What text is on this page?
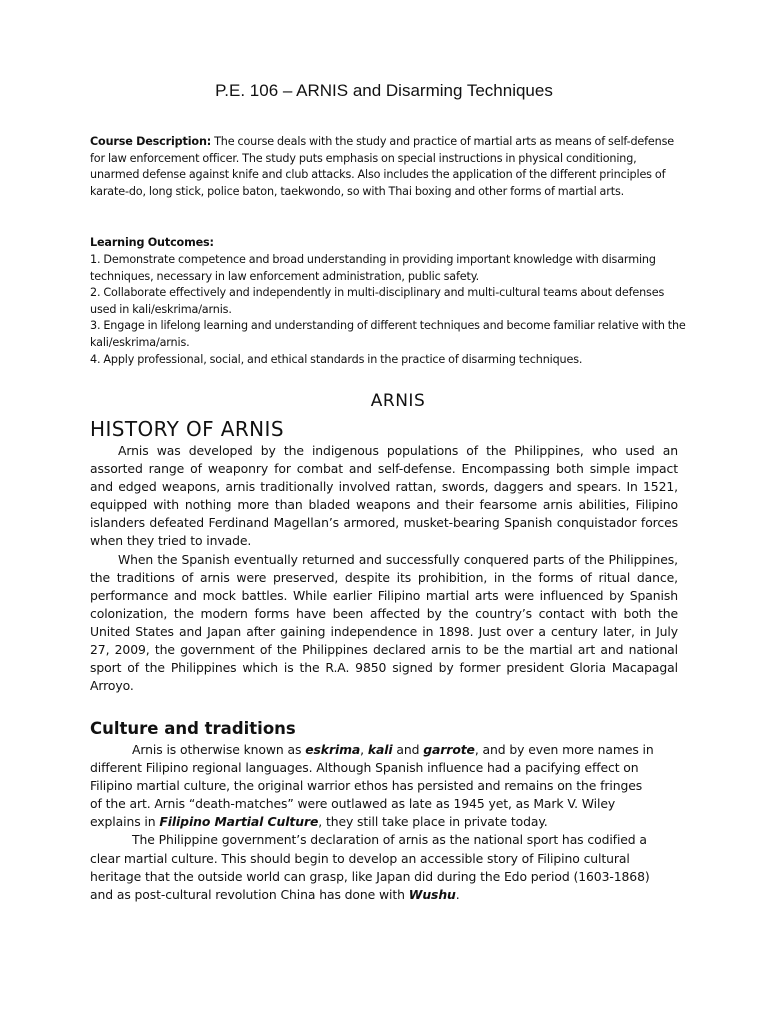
P.E. 106 – ARNIS and Disarming Techniques

Course Description: The course deals with the study and practice of martial arts as means of self-defense for law enforcement officer. The study puts emphasis on special instructions in physical conditioning, unarmed defense against knife and club attacks. Also includes the application of the different principles of karate-do, long stick, police baton, taekwondo, so with Thai boxing and other forms of martial arts.

Learning Outcomes:

1. Demonstrate competence and broad understanding in providing important knowledge with disarming techniques, necessary in law enforcement administration, public safety.
2. Collaborate effectively and independently in multi-disciplinary and multi-cultural teams about defenses used in kali/eskrima/arnis.
3. Engage in lifelong learning and understanding of different techniques and become familiar relative with the kali/eskrima/arnis.
4. Apply professional, social, and ethical standards in the practice of disarming techniques.
ARNIS
HISTORY OF ARNIS

Arnis was developed by the indigenous populations of the Philippines, who used an assorted range of weaponry for combat and self-defense. Encompassing both simple impact and edged weapons, arnis traditionally involved rattan, swords, daggers and spears. In 1521, equipped with nothing more than bladed weapons and their fearsome arnis abilities, Filipino islanders defeated Ferdinand Magellan’s armored, musket-bearing Spanish conquistador forces when they tried to invade.

When the Spanish eventually returned and successfully conquered parts of the Philippines, the traditions of arnis were preserved, despite its prohibition, in the forms of ritual dance, performance and mock battles. While earlier Filipino martial arts were influenced by Spanish colonization, the modern forms have been affected by the country’s contact with both the United States and Japan after gaining independence in 1898. Just over a century later, in July 27, 2009, the government of the Philippines declared arnis to be the martial art and national sport of the Philippines which is the R.A. 9850 signed by former president Gloria Macapagal Arroyo.

Culture and traditions

Arnis is otherwise known as eskrima, kali and garrote, and by even more names in different Filipino regional languages. Although Spanish influence had a pacifying effect on Filipino martial culture, the original warrior ethos has persisted and remains on the fringes of the art. Arnis “death-matches” were outlawed as late as 1945 yet, as Mark V. Wiley explains in Filipino Martial Culture, they still take place in private today.

The Philippine government’s declaration of arnis as the national sport has codified a clear martial culture. This should begin to develop an accessible story of Filipino cultural heritage that the outside world can grasp, like Japan did during the Edo period (1603-1868) and as post-cultural revolution China has done with Wushu.
